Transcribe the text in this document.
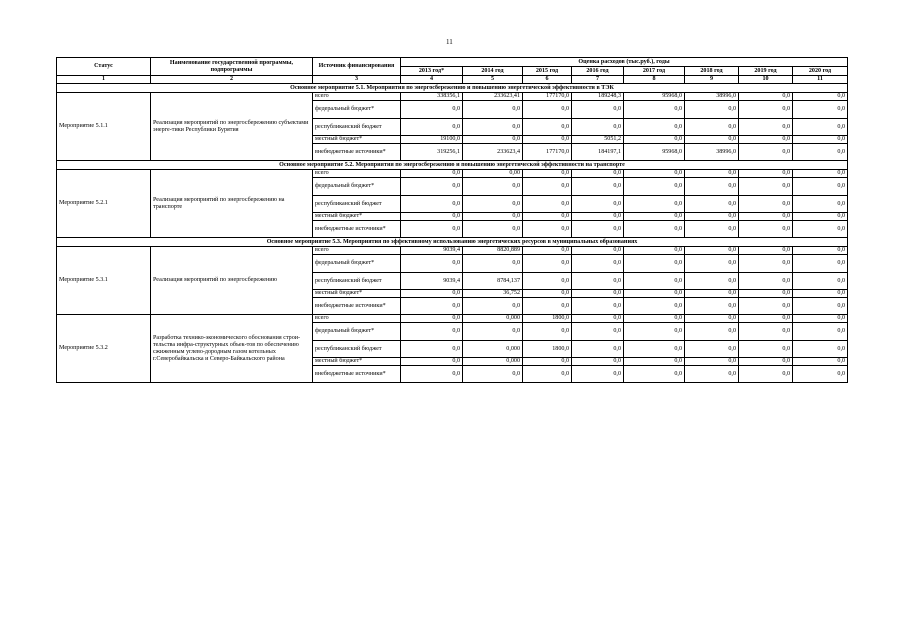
11
Статус	Наименование государственной программы, подпрограммы	Источник финансирования	Оценка расходов (тыс.руб.), годы							
			2013 год*	2014 год	2015 год	2016 год	2017 год	2018 год	2019 год	2020 год
1	2	3	4	5	6	7	8	9	10	11
Основное мероприятие 5.1. Мероприятия по энергосбережению и повышению энергетической эффективности в ТЭК										
Мероприятие 5.1.1	Реализация мероприятий по энергосбережению субъектами энерге-тики Республики Бурятия	всего	338356,1	233623,41	177170,0	189248,3	95968,0	38996,0	0,0	0,0
		федеральный бюджет*	0,0	0,0	0,0	0,0	0,0	0,0	0,0	0,0
		республиканский бюджет	0,0	0,0	0,0	0,0	0,0	0,0	0,0	0,0
		местный бюджет*	19100,0	0,0	0,0	5051,2	0,0	0,0	0,0	0,0
		внебюджетные источники*	319256,1	233623,4	177170,0	184197,1	95968,0	38996,0	0,0	0,0
Основное мероприятие 5.2. Мероприятия по энергосбережению и повышению энергетической эффективности на транспорте										
Мероприятие 5.2.1	Реализация мероприятий по энергосбережению на транспорте	всего	0,0	0,00	0,0	0,0	0,0	0,0	0,0	0,0
		федеральный бюджет*	0,0	0,0	0,0	0,0	0,0	0,0	0,0	0,0
		республиканский бюджет	0,0	0,0	0,0	0,0	0,0	0,0	0,0	0,0
		местный бюджет*	0,0	0,0	0,0	0,0	0,0	0,0	0,0	0,0
		внебюджетные источники*	0,0	0,0	0,0	0,0	0,0	0,0	0,0	0,0
Основное мероприятие 5.3. Мероприятия по эффективному использованию энергетических ресурсов в муниципальных образованиях										
Мероприятие 5.3.1	Реализация мероприятий по энергосбережению	всего	9039,4	8820,889	0,0	0,0	0,0	0,0	0,0	0,0
		федеральный бюджет*	0,0	0,0	0,0	0,0	0,0	0,0	0,0	0,0
		республиканский бюджет	9039,4	8784,137	0,0	0,0	0,0	0,0	0,0	0,0
		местный бюджет*	0,0	36,752	0,0	0,0	0,0	0,0	0,0	0,0
		внебюджетные источники*	0,0	0,0	0,0	0,0	0,0	0,0	0,0	0,0
Мероприятие 5.3.2	Разработка технико-экономического обоснования строи-тельства инфра-структурных объек-тов по обеспечению сжиженным углево-дородным газом котельных г.Северобайкальска и Северо-Байкальского района	всего	0,0	0,000	1800,0	0,0	0,0	0,0	0,0	0,0
		федеральный бюджет*	0,0	0,0	0,0	0,0	0,0	0,0	0,0	0,0
		республиканский бюджет	0,0	0,000	1800,0	0,0	0,0	0,0	0,0	0,0
		местный бюджет*	0,0	0,000	0,0	0,0	0,0	0,0	0,0	0,0
		внебюджетные источники*	0,0	0,0	0,0	0,0	0,0	0,0	0,0	0,0
